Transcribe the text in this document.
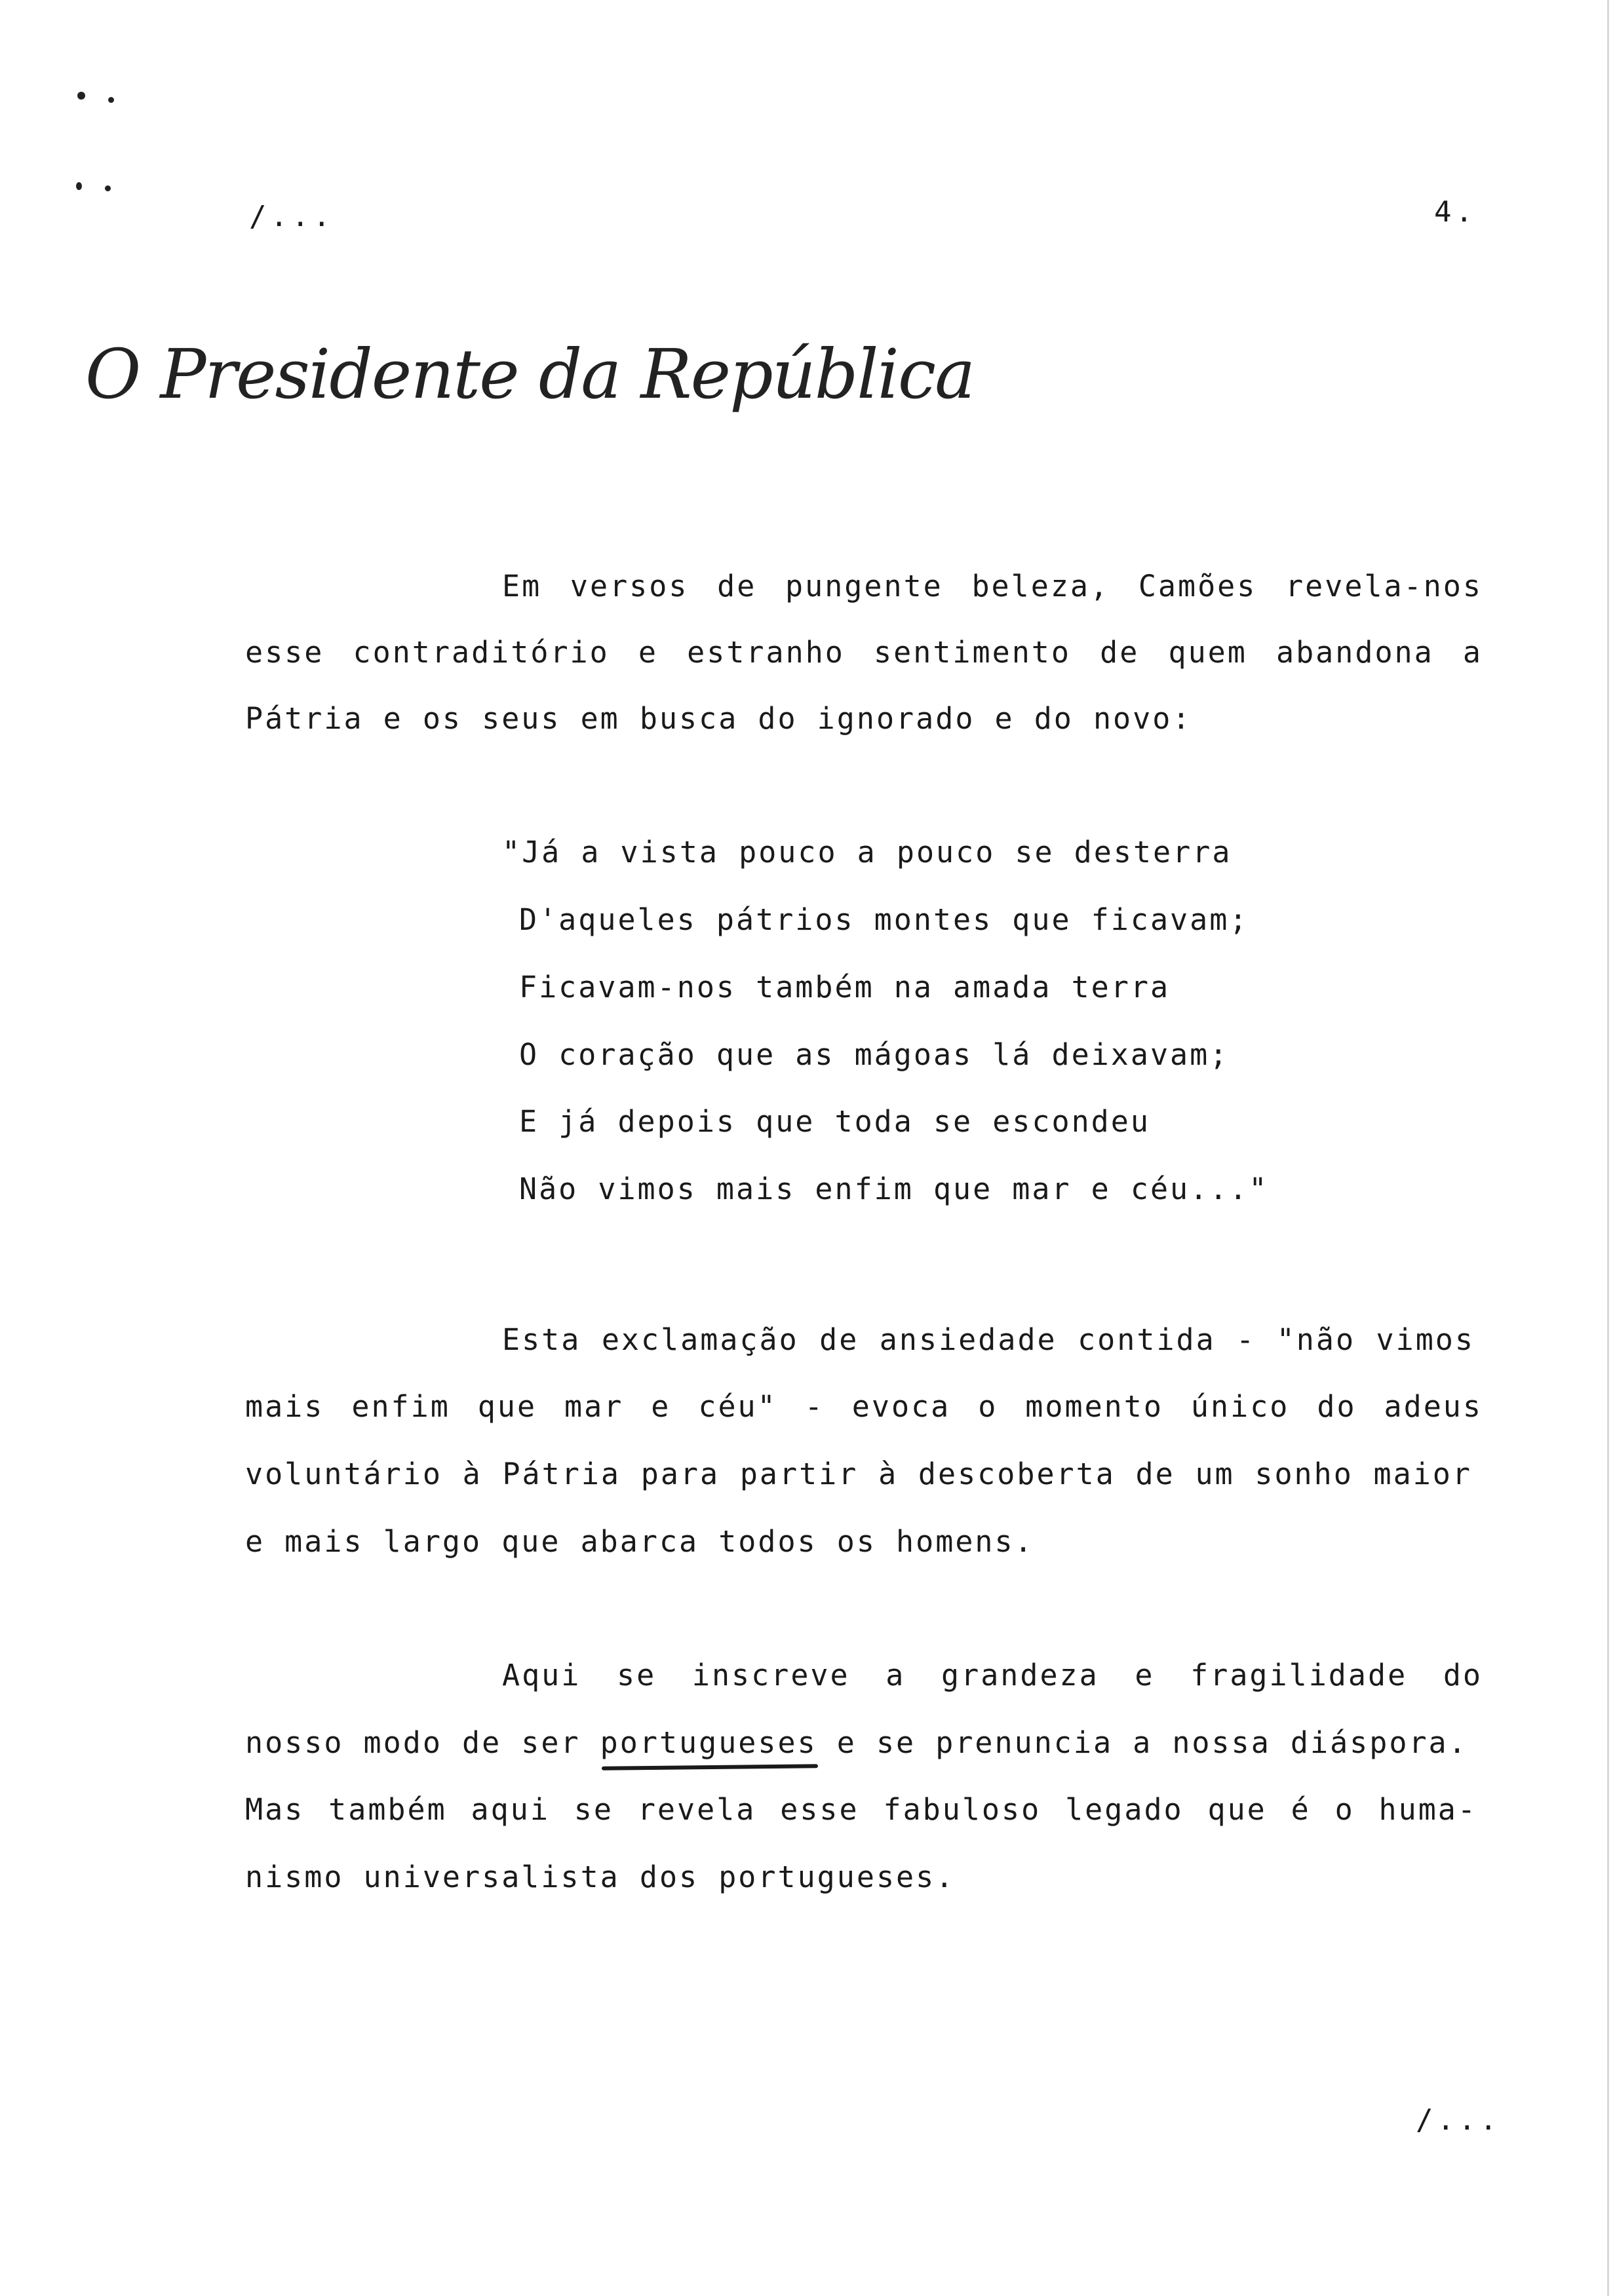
/...	4.
O Presidente da República
Em versos de pungente beleza, Camões revela-nos
esse contraditório e estranho sentimento de quem abandona a
Pátria e os seus em busca do ignorado e do novo:
"Já a vista pouco a pouco se desterra
D'aqueles pátrios montes que ficavam;
Ficavam-nos também na amada terra
O coração que as mágoas lá deixavam;
E já depois que toda se escondeu
Não vimos mais enfim que mar e céu..."
Esta exclamação de ansiedade contida - "não vimos
mais enfim que mar e céu" - evoca o momento único do adeus
voluntário à Pátria para partir à descoberta de um sonho maior
e mais largo que abarca todos os homens.
Aqui se inscreve a grandeza e fragilidade do
nosso modo de ser portugueses e se prenuncia a nossa diáspora.
Mas também aqui se revela esse fabuloso legado que é o huma-
nismo universalista dos portugueses.
/...
